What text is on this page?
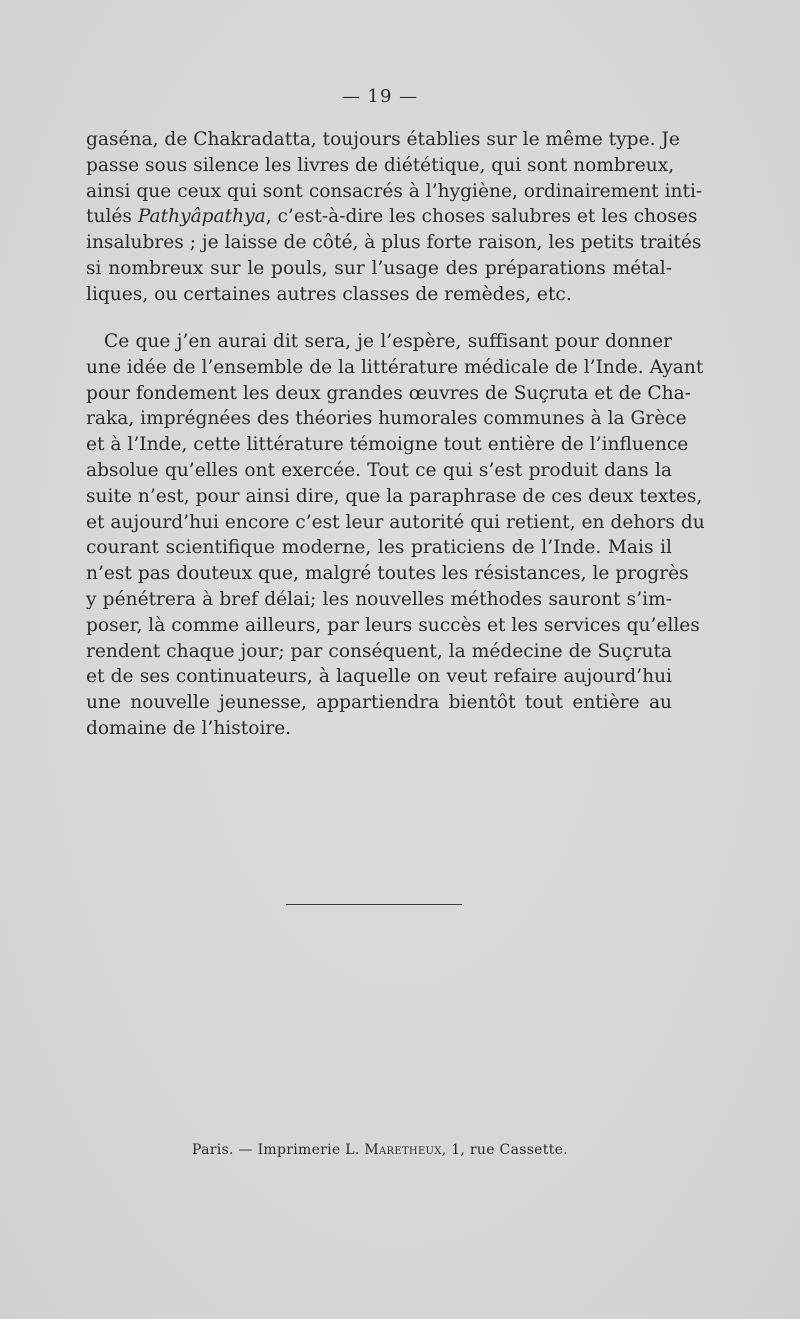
— 19 —
gaséna, de Chakradatta, toujours établies sur le même type. Je
passe sous silence les livres de diététique, qui sont nombreux,
ainsi que ceux qui sont consacrés à l’hygiène, ordinairement inti-
tulés Pathyâpathya, c’est-à-dire les choses salubres et les choses
insalubres ; je laisse de côté, à plus forte raison, les petits traités
si nombreux sur le pouls, sur l’usage des préparations métal-
liques, ou certaines autres classes de remèdes, etc.
Ce que j’en aurai dit sera, je l’espère, suffisant pour donner
une idée de l’ensemble de la littérature médicale de l’Inde. Ayant
pour fondement les deux grandes œuvres de Suçruta et de Cha-
raka, imprégnées des théories humorales communes à la Grèce
et à l’Inde, cette littérature témoigne tout entière de l’influence
absolue qu’elles ont exercée. Tout ce qui s’est produit dans la
suite n’est, pour ainsi dire, que la paraphrase de ces deux textes,
et aujourd’hui encore c’est leur autorité qui retient, en dehors du
courant scientifique moderne, les praticiens de l’Inde. Mais il
n’est pas douteux que, malgré toutes les résistances, le progrès
y pénétrera à bref délai; les nouvelles méthodes sauront s’im-
poser, là comme ailleurs, par leurs succès et les services qu’elles
rendent chaque jour; par conséquent, la médecine de Suçruta
et de ses continuateurs, à laquelle on veut refaire aujourd’hui
une nouvelle jeunesse, appartiendra bientôt tout entière au
domaine de l’histoire.
Paris. — Imprimerie L. Maretheux, 1, rue Cassette.
